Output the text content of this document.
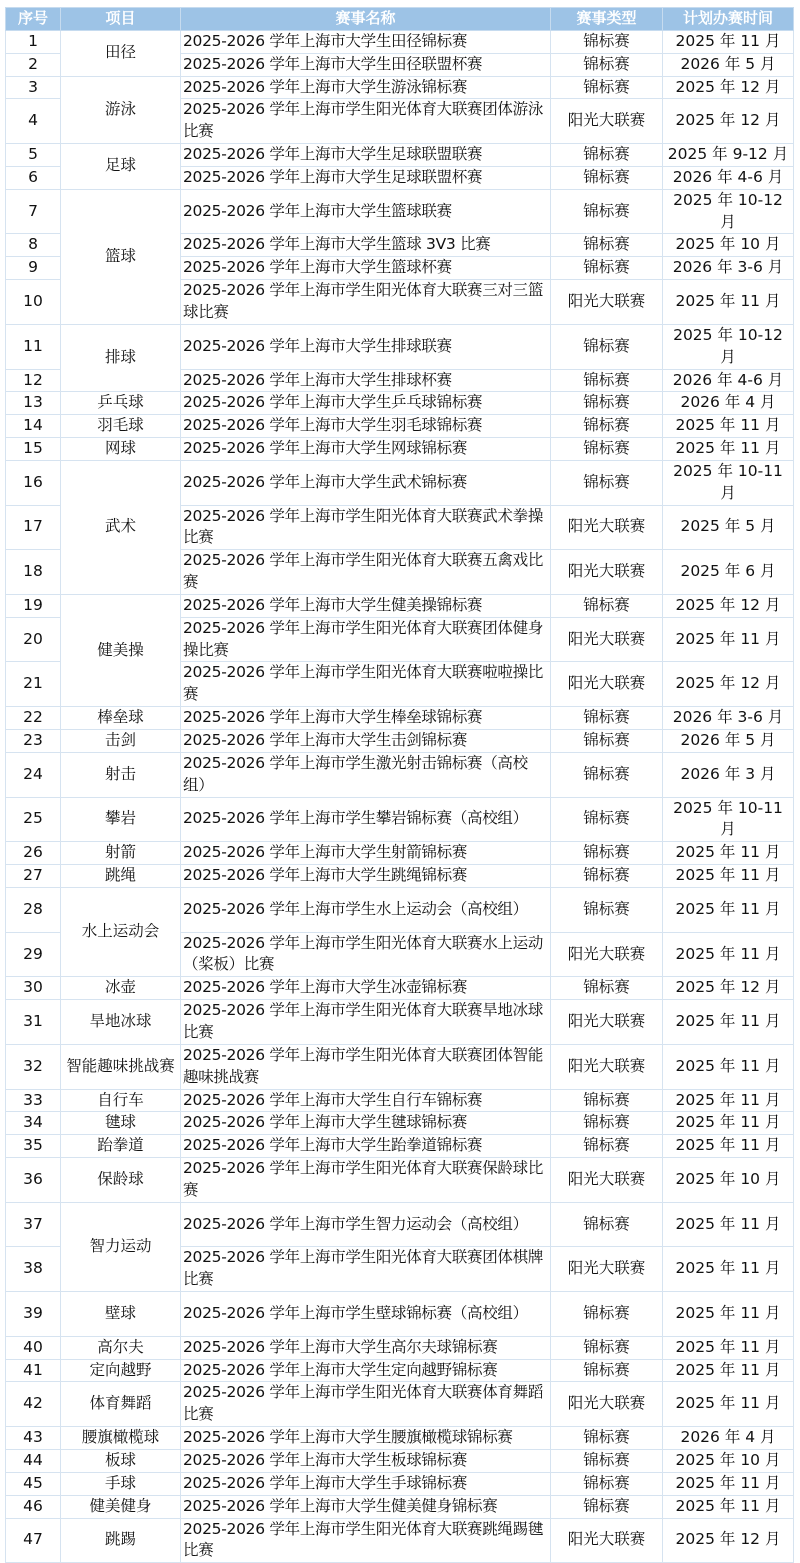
序号	项目	赛事名称	赛事类型	计划办赛时间
1	田径	2025-2026 学年上海市大学生田径锦标赛	锦标赛	2025 年 11 月
2		2025-2026 学年上海市大学生田径联盟杯赛	锦标赛	2026 年 5 月
3	游泳	2025-2026 学年上海市大学生游泳锦标赛	锦标赛	2025 年 12 月
4		2025-2026 学年上海市学生阳光体育大联赛团体游泳比赛	阳光大联赛	2025 年 12 月
5	足球	2025-2026 学年上海市大学生足球联盟联赛	锦标赛	2025 年 9-12 月
6		2025-2026 学年上海市大学生足球联盟杯赛	锦标赛	2026 年 4-6 月
7	篮球	2025-2026 学年上海市大学生篮球联赛	锦标赛	2025 年 10-12 月
8		2025-2026 学年上海市大学生篮球 3V3 比赛	锦标赛	2025 年 10 月
9		2025-2026 学年上海市大学生篮球杯赛	锦标赛	2026 年 3-6 月
10		2025-2026 学年上海市学生阳光体育大联赛三对三篮球比赛	阳光大联赛	2025 年 11 月
11	排球	2025-2026 学年上海市大学生排球联赛	锦标赛	2025 年 10-12 月
12		2025-2026 学年上海市大学生排球杯赛	锦标赛	2026 年 4-6 月
13	乒乓球	2025-2026 学年上海市大学生乒乓球锦标赛	锦标赛	2026 年 4 月
14	羽毛球	2025-2026 学年上海市大学生羽毛球锦标赛	锦标赛	2025 年 11 月
15	网球	2025-2026 学年上海市大学生网球锦标赛	锦标赛	2025 年 11 月
16	武术	2025-2026 学年上海市大学生武术锦标赛	锦标赛	2025 年 10-11 月
17		2025-2026 学年上海市学生阳光体育大联赛武术拳操比赛	阳光大联赛	2025 年 5 月
18		2025-2026 学年上海市学生阳光体育大联赛五禽戏比赛	阳光大联赛	2025 年 6 月
19	健美操	2025-2026 学年上海市大学生健美操锦标赛	锦标赛	2025 年 12 月
20		2025-2026 学年上海市学生阳光体育大联赛团体健身操比赛	阳光大联赛	2025 年 11 月
21		2025-2026 学年上海市学生阳光体育大联赛啦啦操比赛	阳光大联赛	2025 年 12 月
22	棒垒球	2025-2026 学年上海市大学生棒垒球锦标赛	锦标赛	2026 年 3-6 月
23	击剑	2025-2026 学年上海市大学生击剑锦标赛	锦标赛	2026 年 5 月
24	射击	2025-2026 学年上海市学生激光射击锦标赛（高校组）	锦标赛	2026 年 3 月
25	攀岩	2025-2026 学年上海市学生攀岩锦标赛（高校组）	锦标赛	2025 年 10-11 月
26	射箭	2025-2026 学年上海市大学生射箭锦标赛	锦标赛	2025 年 11 月
27	跳绳	2025-2026 学年上海市大学生跳绳锦标赛	锦标赛	2025 年 11 月
28	水上运动会	2025-2026 学年上海市学生水上运动会（高校组）	锦标赛	2025 年 11 月
29		2025-2026 学年上海市学生阳光体育大联赛水上运动（桨板）比赛	阳光大联赛	2025 年 11 月
30	冰壶	2025-2026 学年上海市大学生冰壶锦标赛	锦标赛	2025 年 12 月
31	旱地冰球	2025-2026 学年上海市学生阳光体育大联赛旱地冰球比赛	阳光大联赛	2025 年 11 月
32	智能趣味挑战赛	2025-2026 学年上海市学生阳光体育大联赛团体智能趣味挑战赛	阳光大联赛	2025 年 11 月
33	自行车	2025-2026 学年上海市大学生自行车锦标赛	锦标赛	2025 年 11 月
34	毽球	2025-2026 学年上海市大学生毽球锦标赛	锦标赛	2025 年 11 月
35	跆拳道	2025-2026 学年上海市大学生跆拳道锦标赛	锦标赛	2025 年 11 月
36	保龄球	2025-2026 学年上海市学生阳光体育大联赛保龄球比赛	阳光大联赛	2025 年 10 月
37	智力运动	2025-2026 学年上海市学生智力运动会（高校组）	锦标赛	2025 年 11 月
38		2025-2026 学年上海市学生阳光体育大联赛团体棋牌比赛	阳光大联赛	2025 年 11 月
39	壁球	2025-2026 学年上海市学生壁球锦标赛（高校组）	锦标赛	2025 年 11 月
40	高尔夫	2025-2026 学年上海市大学生高尔夫球锦标赛	锦标赛	2025 年 11 月
41	定向越野	2025-2026 学年上海市大学生定向越野锦标赛	锦标赛	2025 年 11 月
42	体育舞蹈	2025-2026 学年上海市学生阳光体育大联赛体育舞蹈比赛	阳光大联赛	2025 年 11 月
43	腰旗橄榄球	2025-2026 学年上海市大学生腰旗橄榄球锦标赛	锦标赛	2026 年 4 月
44	板球	2025-2026 学年上海市大学生板球锦标赛	锦标赛	2025 年 10 月
45	手球	2025-2026 学年上海市大学生手球锦标赛	锦标赛	2025 年 11 月
46	健美健身	2025-2026 学年上海市大学生健美健身锦标赛	锦标赛	2025 年 11 月
47	跳踢	2025-2026 学年上海市学生阳光体育大联赛跳绳踢毽比赛	阳光大联赛	2025 年 12 月
